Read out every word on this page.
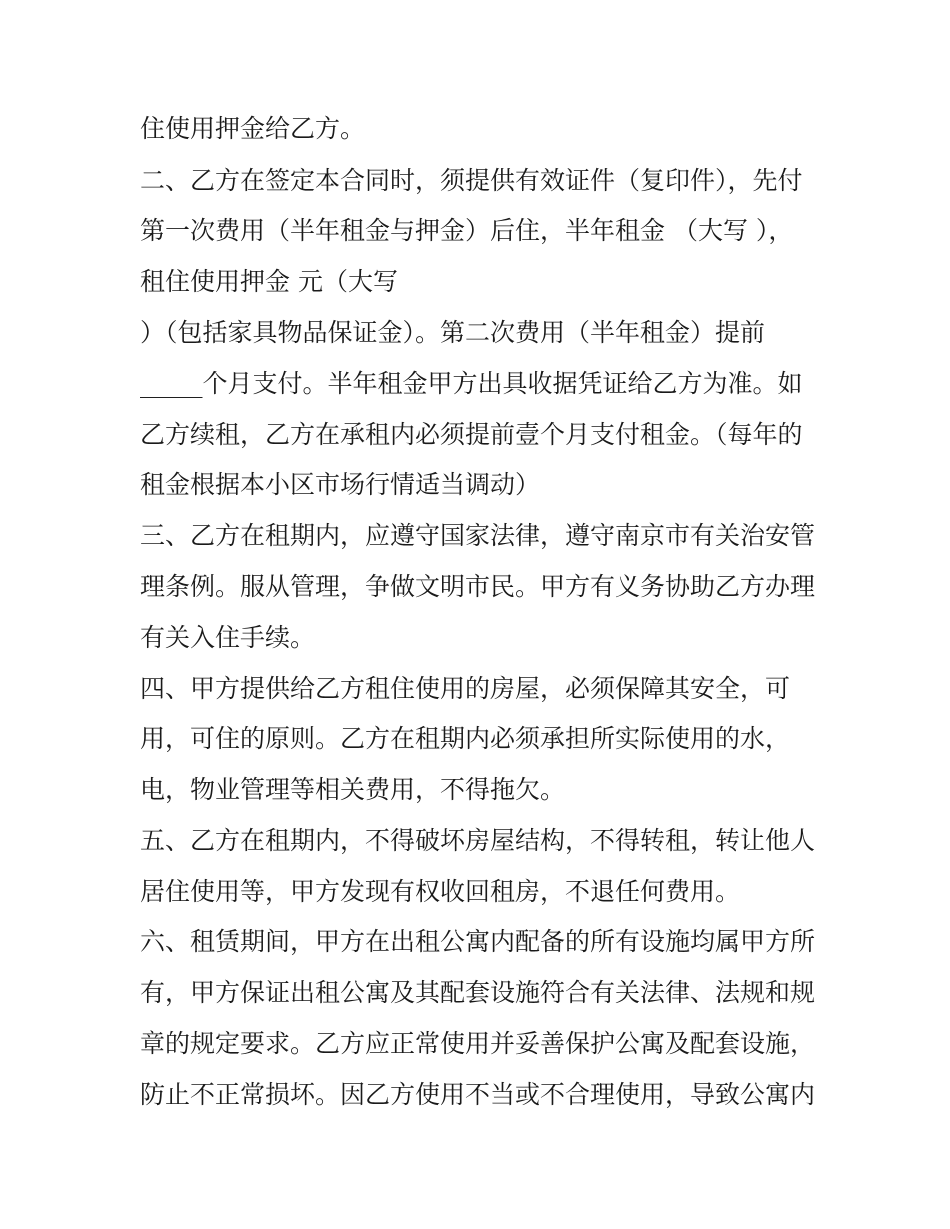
住使用押金给乙方。
二、乙方在签定本合同时，须提供有效证件（复印件），先付
第一次费用（半年租金与押金）后住，半年租金 （大写 ），
租住使用押金 元（大写
）（包括家具物品保证金）。第二次费用（半年租金）提前
_____个月支付。半年租金甲方出具收据凭证给乙方为准。如
乙方续租，乙方在承租内必须提前壹个月支付租金。（每年的
租金根据本小区市场行情适当调动）
三、乙方在租期内，应遵守国家法律，遵守南京市有关治安管
理条例。服从管理，争做文明市民。甲方有义务协助乙方办理
有关入住手续。
四、甲方提供给乙方租住使用的房屋，必须保障其安全，可
用，可住的原则。乙方在租期内必须承担所实际使用的水，
电，物业管理等相关费用，不得拖欠。
五、乙方在租期内，不得破坏房屋结构，不得转租，转让他人
居住使用等，甲方发现有权收回租房，不退任何费用。
六、租赁期间，甲方在出租公寓内配备的所有设施均属甲方所
有，甲方保证出租公寓及其配套设施符合有关法律、法规和规
章的规定要求。乙方应正常使用并妥善保护公寓及配套设施，
防止不正常损坏。因乙方使用不当或不合理使用，导致公寓内
